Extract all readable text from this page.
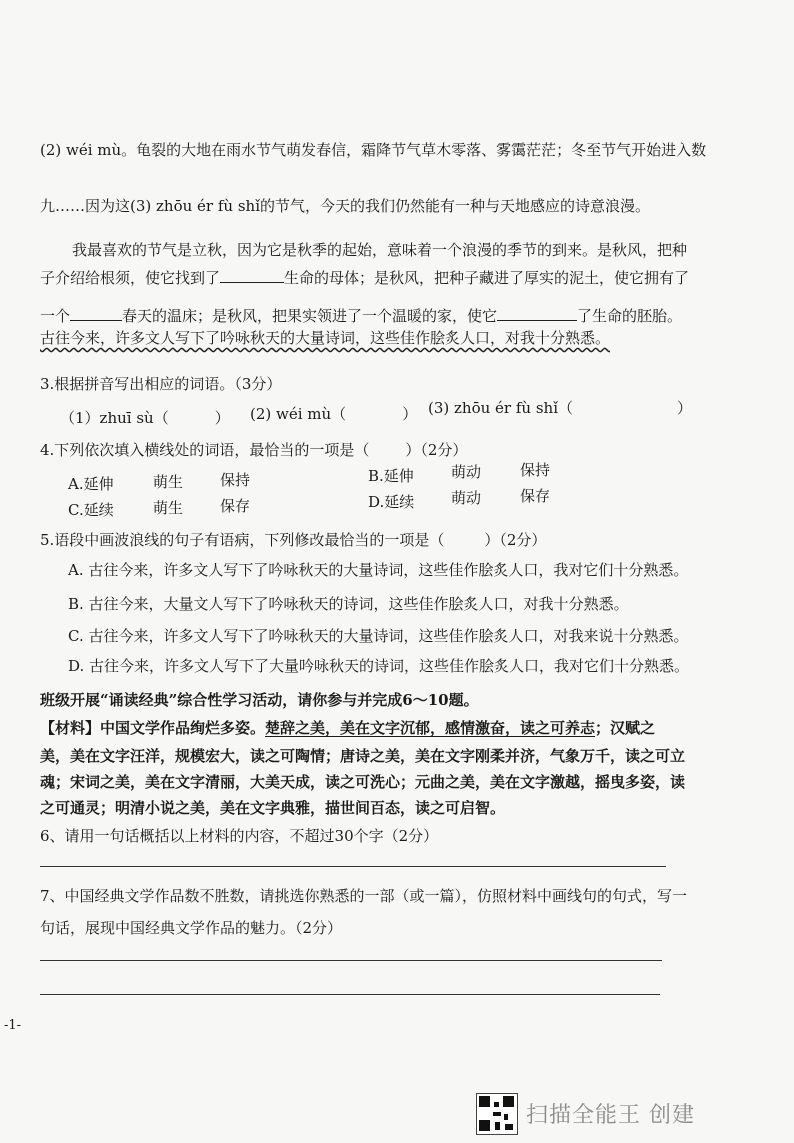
(2) wéi mù。龟裂的大地在雨水节气萌发春信，霜降节气草木零落、雾霭茫茫；冬至节气开始进入数
九……因为这(3) zhōu ér fù shǐ的节气，今天的我们仍然能有一种与天地感应的诗意浪漫。
我最喜欢的节气是立秋，因为它是秋季的起始，意味着一个浪漫的季节的到来。是秋风，把种
子介绍给根须，使它找到了	生命的母体；是秋风，把种子藏进了厚实的泥土，使它拥有了
一个	春天的温床；是秋风，把果实领进了一个温暖的家，使它	了生命的胚胎。
古往今来，许多文人写下了吟咏秋天的大量诗词，这些佳作脍炙人口，对我十分熟悉。
3.根据拼音写出相应的词语。（3分）
（1）zhuī sù（	） (2) wéi mù（	） (3) zhōu ér fù shǐ（	）
4.下列依次填入横线处的词语，最恰当的一项是（ ）（2分）
A.延伸	萌生 保持	B.延伸 萌动	保持
C.延续	萌生 保存	D.延续 萌动	保存
5.语段中画波浪线的句子有语病，下列修改最恰当的一项是（	）（2分）
A. 古往今来，许多文人写下了吟咏秋天的大量诗词，这些佳作脍炙人口，我对它们十分熟悉。
B. 古往今来，大量文人写下了吟咏秋天的诗词，这些佳作脍炙人口，对我十分熟悉。
C. 古往今来，许多文人写下了吟咏秋天的大量诗词，这些佳作脍炙人口，对我来说十分熟悉。
D. 古往今来，许多文人写下了大量吟咏秋天的诗词，这些佳作脍炙人口，我对它们十分熟悉。
班级开展“诵读经典”综合性学习活动，请你参与并完成6～10题。
【材料】中国文学作品绚烂多姿。楚辞之美，美在文字沉郁，感情激奋，读之可养志；汉赋之
美，美在文字汪洋，规模宏大，读之可陶情；唐诗之美，美在文字刚柔并济，气象万千，读之可立
魂；宋词之美，美在文字清丽，大美天成，读之可洗心；元曲之美，美在文字激越，摇曳多姿，读
之可通灵；明清小说之美，美在文字典雅，描世间百态，读之可启智。
6、请用一句话概括以上材料的内容，不超过30个字（2分）
7、中国经典文学作品数不胜数，请挑选你熟悉的一部（或一篇），仿照材料中画线句的句式，写一
句话，展现中国经典文学作品的魅力。（2分）
-1-
扫描全能王 创建
